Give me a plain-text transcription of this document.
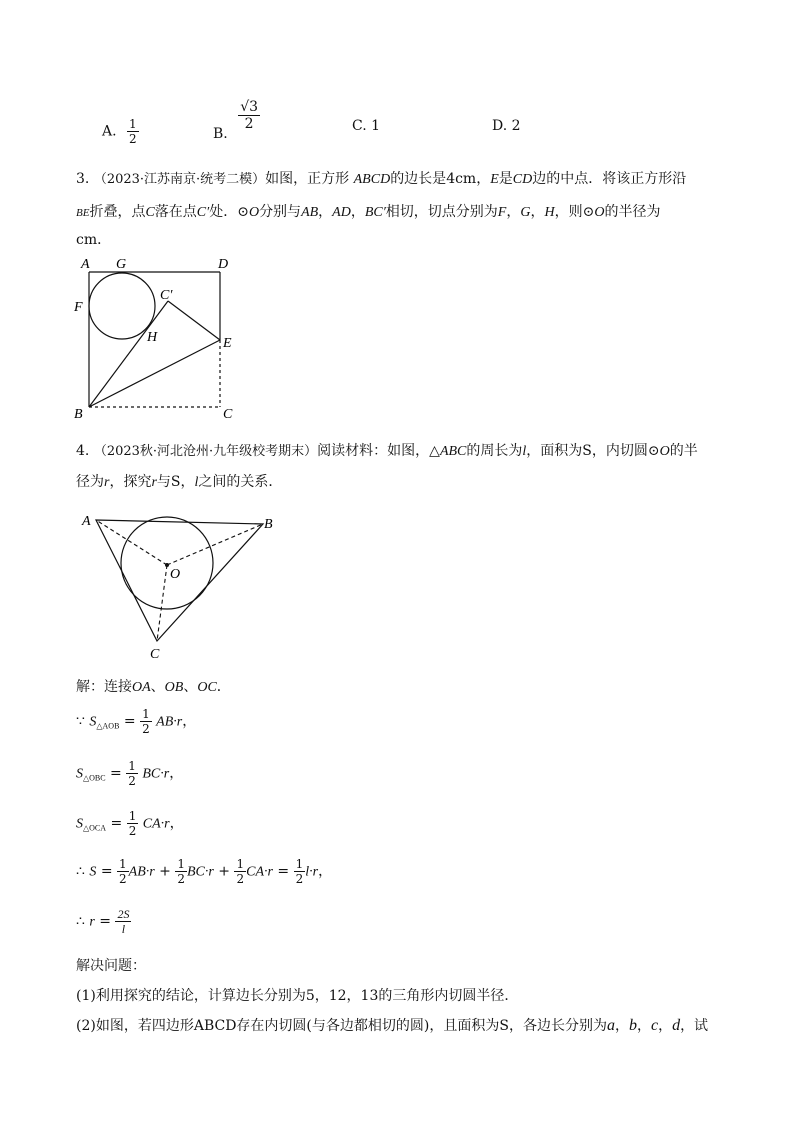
A. $\frac{1}{2}$	B.
$\frac{√3}{2}$	C. 1	D. 2
3. （2023·江苏南京·统考二模）如图，正方形 ABCD的边长是4cm，E是CD边的中点．将该正方形沿
BE折叠，点C落在点C′处．⊙O分别与AB，AD，BC′相切，切点分别为F，G，H，则⊙O的半径为
cm．
A G	D
F
C′
H	E
B	C
4. （2023秋·河北沧州·九年级校考期末）阅读材料：如图，△ABC的周长为l，面积为S，内切圆⊙O的半
径为r，探究r与S，l之间的关系．
A	B
O
C
解：连接OA、OB、OC．
∵ $S_{\triangle AOB} = \frac{1}{2} AB\cdot r$，
$S_{\triangle OBC} = \frac{1}{2} BC\cdot r$，
$S_{\triangle OCA} = \frac{1}{2} CA\cdot r$，
∴ $S = \frac{1}{2} AB\cdot r + \frac{1}{2} BC\cdot r + \frac{1}{2} CA\cdot r = \frac{1}{2} l\cdot r$，
∴ $r = \frac{2S}{l}$
解决问题：
(1)利用探究的结论，计算边长分别为5，12，13的三角形内切圆半径．
(2)如图，若四边形ABCD存在内切圆(与各边都相切的圆)，且面积为S，各边长分别为a，b，c，d，试
